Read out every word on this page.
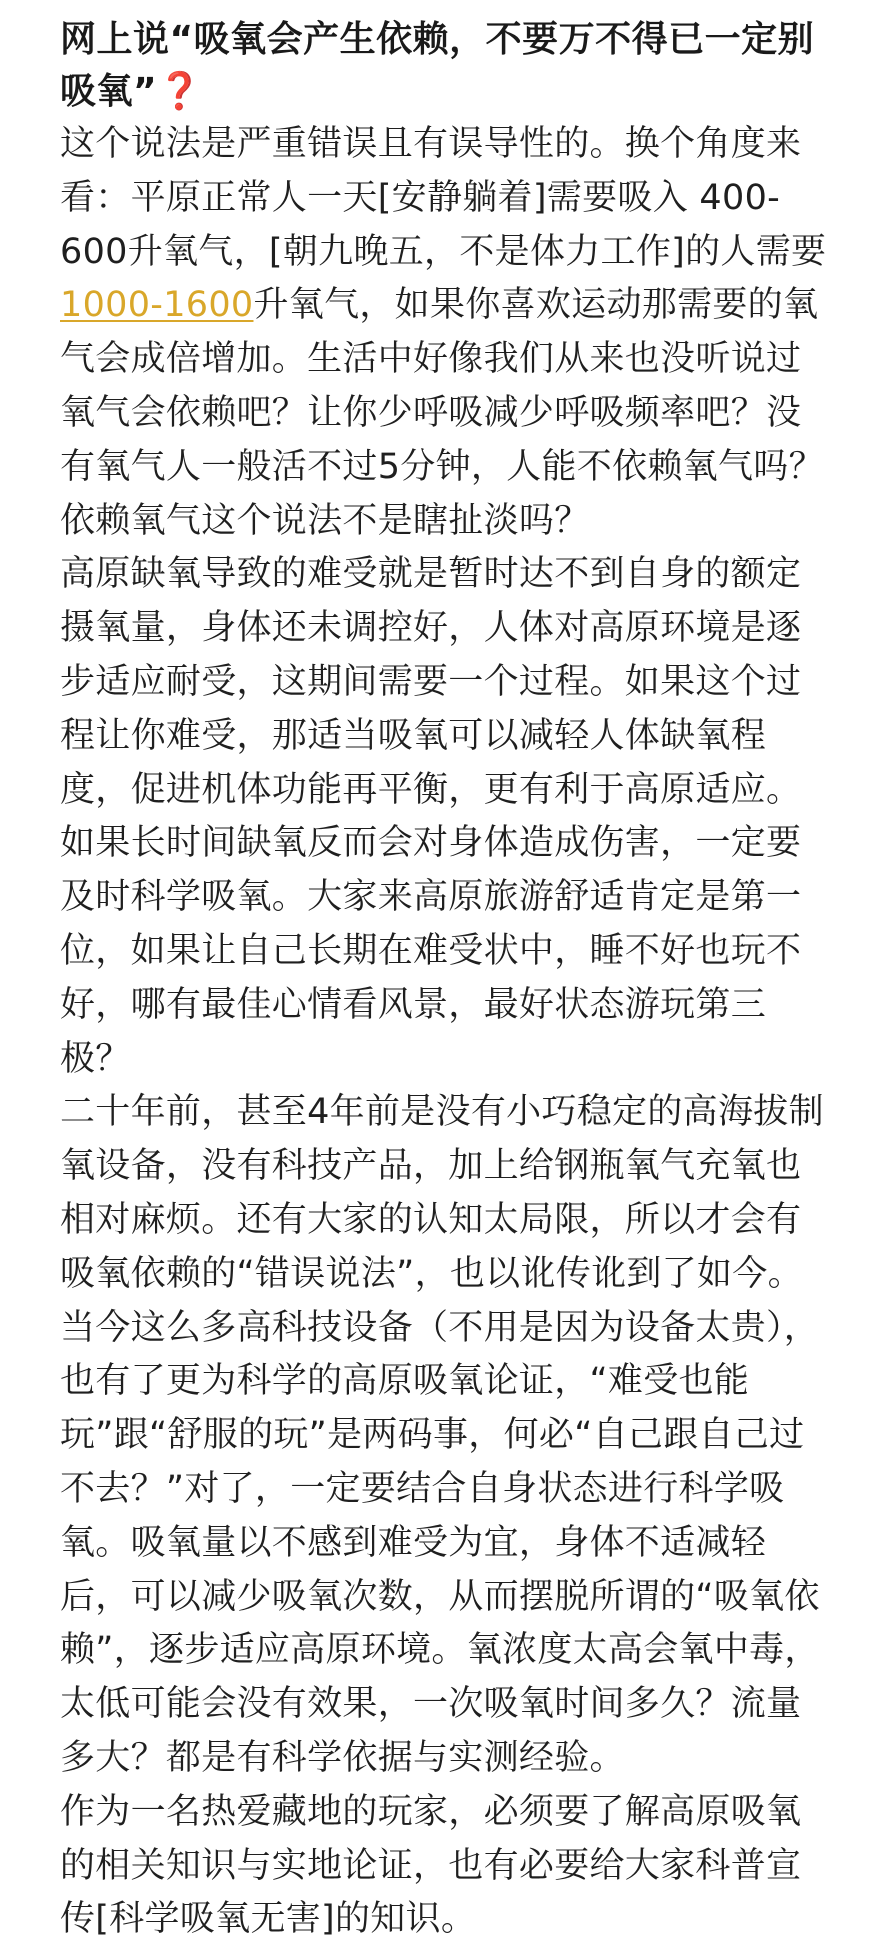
网上说“吸氧会产生依赖，不要万不得已一定别吸氧”❓

这个说法是严重错误且有误导性的。换个角度来看：平原正常人一天[安静躺着]需要吸入 400-600升氧气，[朝九晚五，不是体力工作]的人需要1000-1600升氧气，如果你喜欢运动那需要的氧气会成倍增加。生活中好像我们从来也没听说过氧气会依赖吧？让你少呼吸减少呼吸频率吧？没有氧气人一般活不过5分钟，人能不依赖氧气吗？依赖氧气这个说法不是瞎扯淡吗？

高原缺氧导致的难受就是暂时达不到自身的额定摄氧量，身体还未调控好，人体对高原环境是逐步适应耐受，这期间需要一个过程。如果这个过程让你难受，那适当吸氧可以减轻人体缺氧程度，促进机体功能再平衡，更有利于高原适应。如果长时间缺氧反而会对身体造成伤害，一定要及时科学吸氧。大家来高原旅游舒适肯定是第一位，如果让自己长期在难受状中，睡不好也玩不好，哪有最佳心情看风景，最好状态游玩第三极？

二十年前，甚至4年前是没有小巧稳定的高海拔制氧设备，没有科技产品，加上给钢瓶氧气充氧也相对麻烦。还有大家的认知太局限，所以才会有吸氧依赖的“错误说法”，也以讹传讹到了如今。当今这么多高科技设备（不用是因为设备太贵），也有了更为科学的高原吸氧论证，“难受也能玩”跟“舒服的玩”是两码事，何必“自己跟自己过不去？”对了，一定要结合自身状态进行科学吸氧。吸氧量以不感到难受为宜，身体不适减轻后，可以减少吸氧次数，从而摆脱所谓的“吸氧依赖”，逐步适应高原环境。氧浓度太高会氧中毒，太低可能会没有效果，一次吸氧时间多久？流量多大？都是有科学依据与实测经验。

作为一名热爱藏地的玩家，必须要了解高原吸氧的相关知识与实地论证，也有必要给大家科普宣传[科学吸氧无害]的知识。
